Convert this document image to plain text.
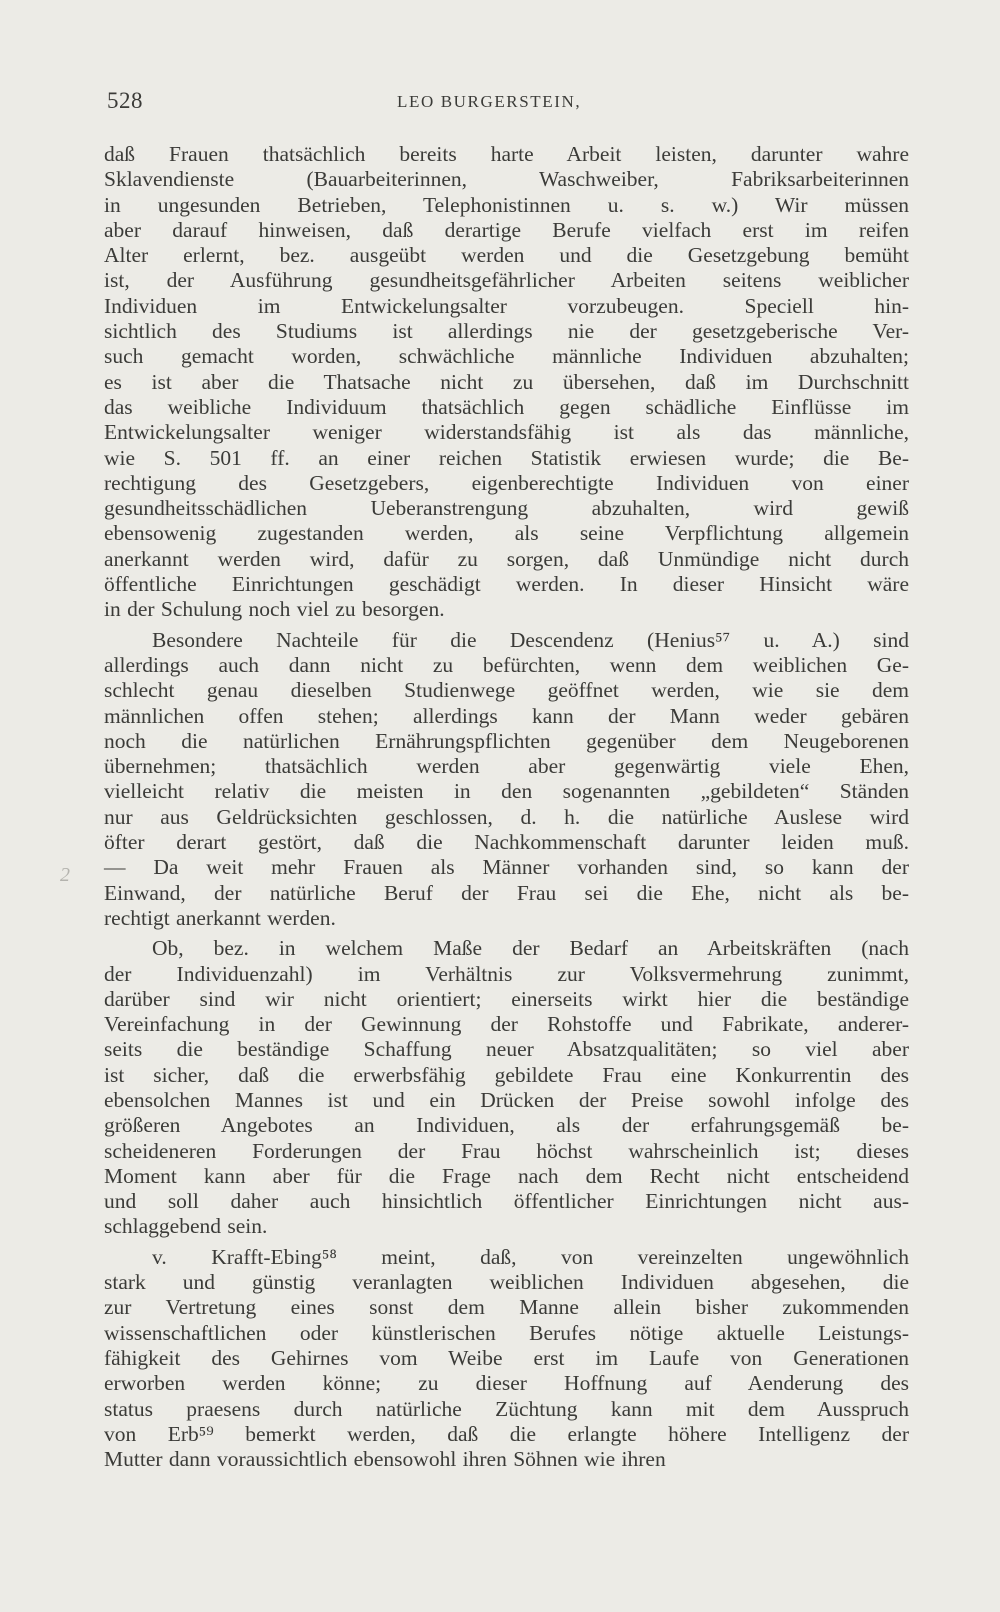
528	LEO BURGERSTEIN,
2
daß Frauen thatsächlich bereits harte Arbeit leisten, darunter wahre
Sklavendienste (Bauarbeiterinnen, Waschweiber, Fabriksarbeiterinnen
in ungesunden Betrieben, Telephonistinnen u. s. w.) Wir müssen
aber darauf hinweisen, daß derartige Berufe vielfach erst im reifen
Alter erlernt, bez. ausgeübt werden und die Gesetzgebung bemüht
ist, der Ausführung gesundheitsgefährlicher Arbeiten seitens weiblicher
Individuen im Entwickelungsalter vorzubeugen. Speciell hin-
sichtlich des Studiums ist allerdings nie der gesetzgeberische Ver-
such gemacht worden, schwächliche männliche Individuen abzuhalten;
es ist aber die Thatsache nicht zu übersehen, daß im Durchschnitt
das weibliche Individuum thatsächlich gegen schädliche Einflüsse im
Entwickelungsalter weniger widerstandsfähig ist als das männliche,
wie S. 501 ff. an einer reichen Statistik erwiesen wurde; die Be-
rechtigung des Gesetzgebers, eigenberechtigte Individuen von einer
gesundheitsschädlichen Ueberanstrengung abzuhalten, wird gewiß
ebensowenig zugestanden werden, als seine Verpflichtung allgemein
anerkannt werden wird, dafür zu sorgen, daß Unmündige nicht durch
öffentliche Einrichtungen geschädigt werden. In dieser Hinsicht wäre
in der Schulung noch viel zu besorgen.
Besondere Nachteile für die Descendenz (Henius⁵⁷ u. A.) sind
allerdings auch dann nicht zu befürchten, wenn dem weiblichen Ge-
schlecht genau dieselben Studienwege geöffnet werden, wie sie dem
männlichen offen stehen; allerdings kann der Mann weder gebären
noch die natürlichen Ernährungspflichten gegenüber dem Neugeborenen
übernehmen; thatsächlich werden aber gegenwärtig viele Ehen,
vielleicht relativ die meisten in den sogenannten „gebildeten“ Ständen
nur aus Geldrücksichten geschlossen, d. h. die natürliche Auslese wird
öfter derart gestört, daß die Nachkommenschaft darunter leiden muß.
— Da weit mehr Frauen als Männer vorhanden sind, so kann der
Einwand, der natürliche Beruf der Frau sei die Ehe, nicht als be-
rechtigt anerkannt werden.
Ob, bez. in welchem Maße der Bedarf an Arbeitskräften (nach
der Individuenzahl) im Verhältnis zur Volksvermehrung zunimmt,
darüber sind wir nicht orientiert; einerseits wirkt hier die beständige
Vereinfachung in der Gewinnung der Rohstoffe und Fabrikate, anderer-
seits die beständige Schaffung neuer Absatzqualitäten; so viel aber
ist sicher, daß die erwerbsfähig gebildete Frau eine Konkurrentin des
ebensolchen Mannes ist und ein Drücken der Preise sowohl infolge des
größeren Angebotes an Individuen, als der erfahrungsgemäß be-
scheideneren Forderungen der Frau höchst wahrscheinlich ist; dieses
Moment kann aber für die Frage nach dem Recht nicht entscheidend
und soll daher auch hinsichtlich öffentlicher Einrichtungen nicht aus-
schlaggebend sein.
v. Krafft-Ebing⁵⁸ meint, daß, von vereinzelten ungewöhnlich
stark und günstig veranlagten weiblichen Individuen abgesehen, die
zur Vertretung eines sonst dem Manne allein bisher zukommenden
wissenschaftlichen oder künstlerischen Berufes nötige aktuelle Leistungs-
fähigkeit des Gehirnes vom Weibe erst im Laufe von Generationen
erworben werden könne; zu dieser Hoffnung auf Aenderung des
status praesens durch natürliche Züchtung kann mit dem Ausspruch
von Erb⁵⁹ bemerkt werden, daß die erlangte höhere Intelligenz der
Mutter dann voraussichtlich ebensowohl ihren Söhnen wie ihren
